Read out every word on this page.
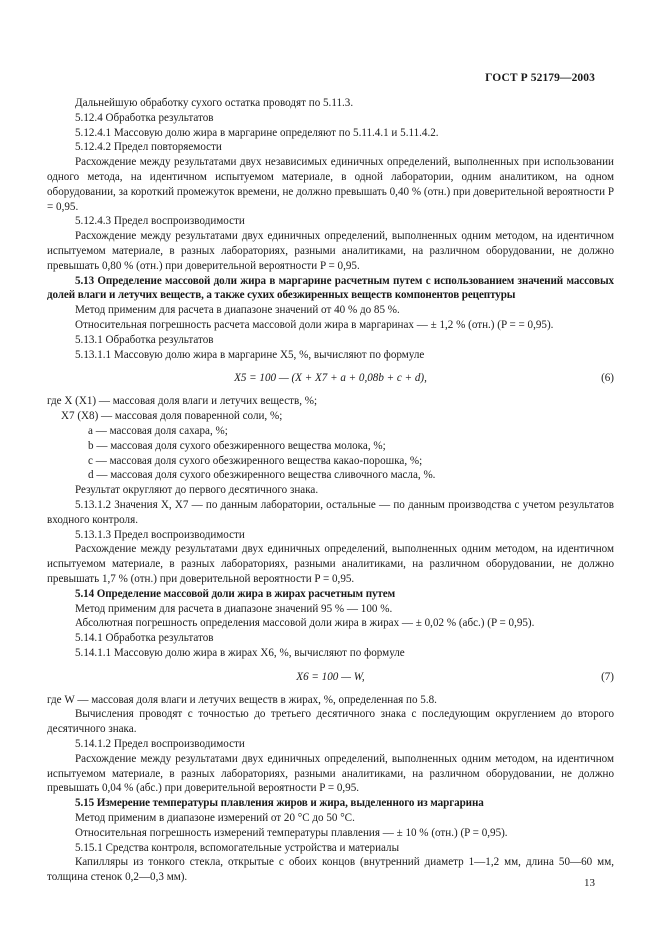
ГОСТ Р 52179—2003

Дальнейшую обработку сухого остатка проводят по 5.11.3.

5.12.4 Обработка результатов

5.12.4.1 Массовую долю жира в маргарине определяют по 5.11.4.1 и 5.11.4.2.

5.12.4.2 Предел повторяемости

Расхождение между результатами двух независимых единичных определений, выполненных при использовании одного метода, на идентичном испытуемом материале, в одной лаборатории, одним аналитиком, на одном оборудовании, за короткий промежуток времени, не должно превышать 0,40 % (отн.) при доверительной вероятности P = 0,95.

5.12.4.3 Предел воспроизводимости

Расхождение между результатами двух единичных определений, выполненных одним методом, на идентичном испытуемом материале, в разных лабораториях, разными аналитиками, на различном оборудовании, не должно превышать 0,80 % (отн.) при доверительной вероятности P = 0,95.

5.13 Определение массовой доли жира в маргарине расчетным путем с использованием значений массовых долей влаги и летучих веществ, а также сухих обезжиренных веществ компонентов рецептуры

Метод применим для расчета в диапазоне значений от 40 % до 85 %.

Относительная погрешность расчета массовой доли жира в маргаринах — ± 1,2 % (отн.) (P = = 0,95).

5.13.1 Обработка результатов

5.13.1.1 Массовую долю жира в маргарине X5, %, вычисляют по формуле

X5 = 100 — (X + X7 + a + 0,08b + c + d),	(6)

где X (X1) — массовая доля влаги и летучих веществ, %;

X7 (X8) — массовая доля поваренной соли, %;

a — массовая доля сахара, %;

b — массовая доля сухого обезжиренного вещества молока, %;

c — массовая доля сухого обезжиренного вещества какао-порошка, %;

d — массовая доля сухого обезжиренного вещества сливочного масла, %.

Результат округляют до первого десятичного знака.

5.13.1.2 Значения X, X7 — по данным лаборатории, остальные — по данным производства с учетом результатов входного контроля.

5.13.1.3 Предел воспроизводимости

Расхождение между результатами двух единичных определений, выполненных одним методом, на идентичном испытуемом материале, в разных лабораториях, разными аналитиками, на различном оборудовании, не должно превышать 1,7 % (отн.) при доверительной вероятности P = 0,95.

5.14 Определение массовой доли жира в жирах расчетным путем

Метод применим для расчета в диапазоне значений 95 % — 100 %.

Абсолютная погрешность определения массовой доли жира в жирах — ± 0,02 % (абс.) (P = 0,95).

5.14.1 Обработка результатов

5.14.1.1 Массовую долю жира в жирах X6, %, вычисляют по формуле

X6 = 100 — W,	(7)

где W — массовая доля влаги и летучих веществ в жирах, %, определенная по 5.8.

Вычисления проводят с точностью до третьего десятичного знака с последующим округлением до второго десятичного знака.

5.14.1.2 Предел воспроизводимости

Расхождение между результатами двух единичных определений, выполненных одним методом, на идентичном испытуемом материале, в разных лабораториях, разными аналитиками, на различном оборудовании, не должно превышать 0,04 % (абс.) при доверительной вероятности P = 0,95.

5.15 Измерение температуры плавления жиров и жира, выделенного из маргарина

Метод применим в диапазоне измерений от 20 °С до 50 °С.

Относительная погрешность измерений температуры плавления — ± 10 % (отн.) (P = 0,95).

5.15.1 Средства контроля, вспомогательные устройства и материалы

Капилляры из тонкого стекла, открытые с обоих концов (внутренний диаметр 1—1,2 мм, длина 50—60 мм, толщина стенок 0,2—0,3 мм).	13
